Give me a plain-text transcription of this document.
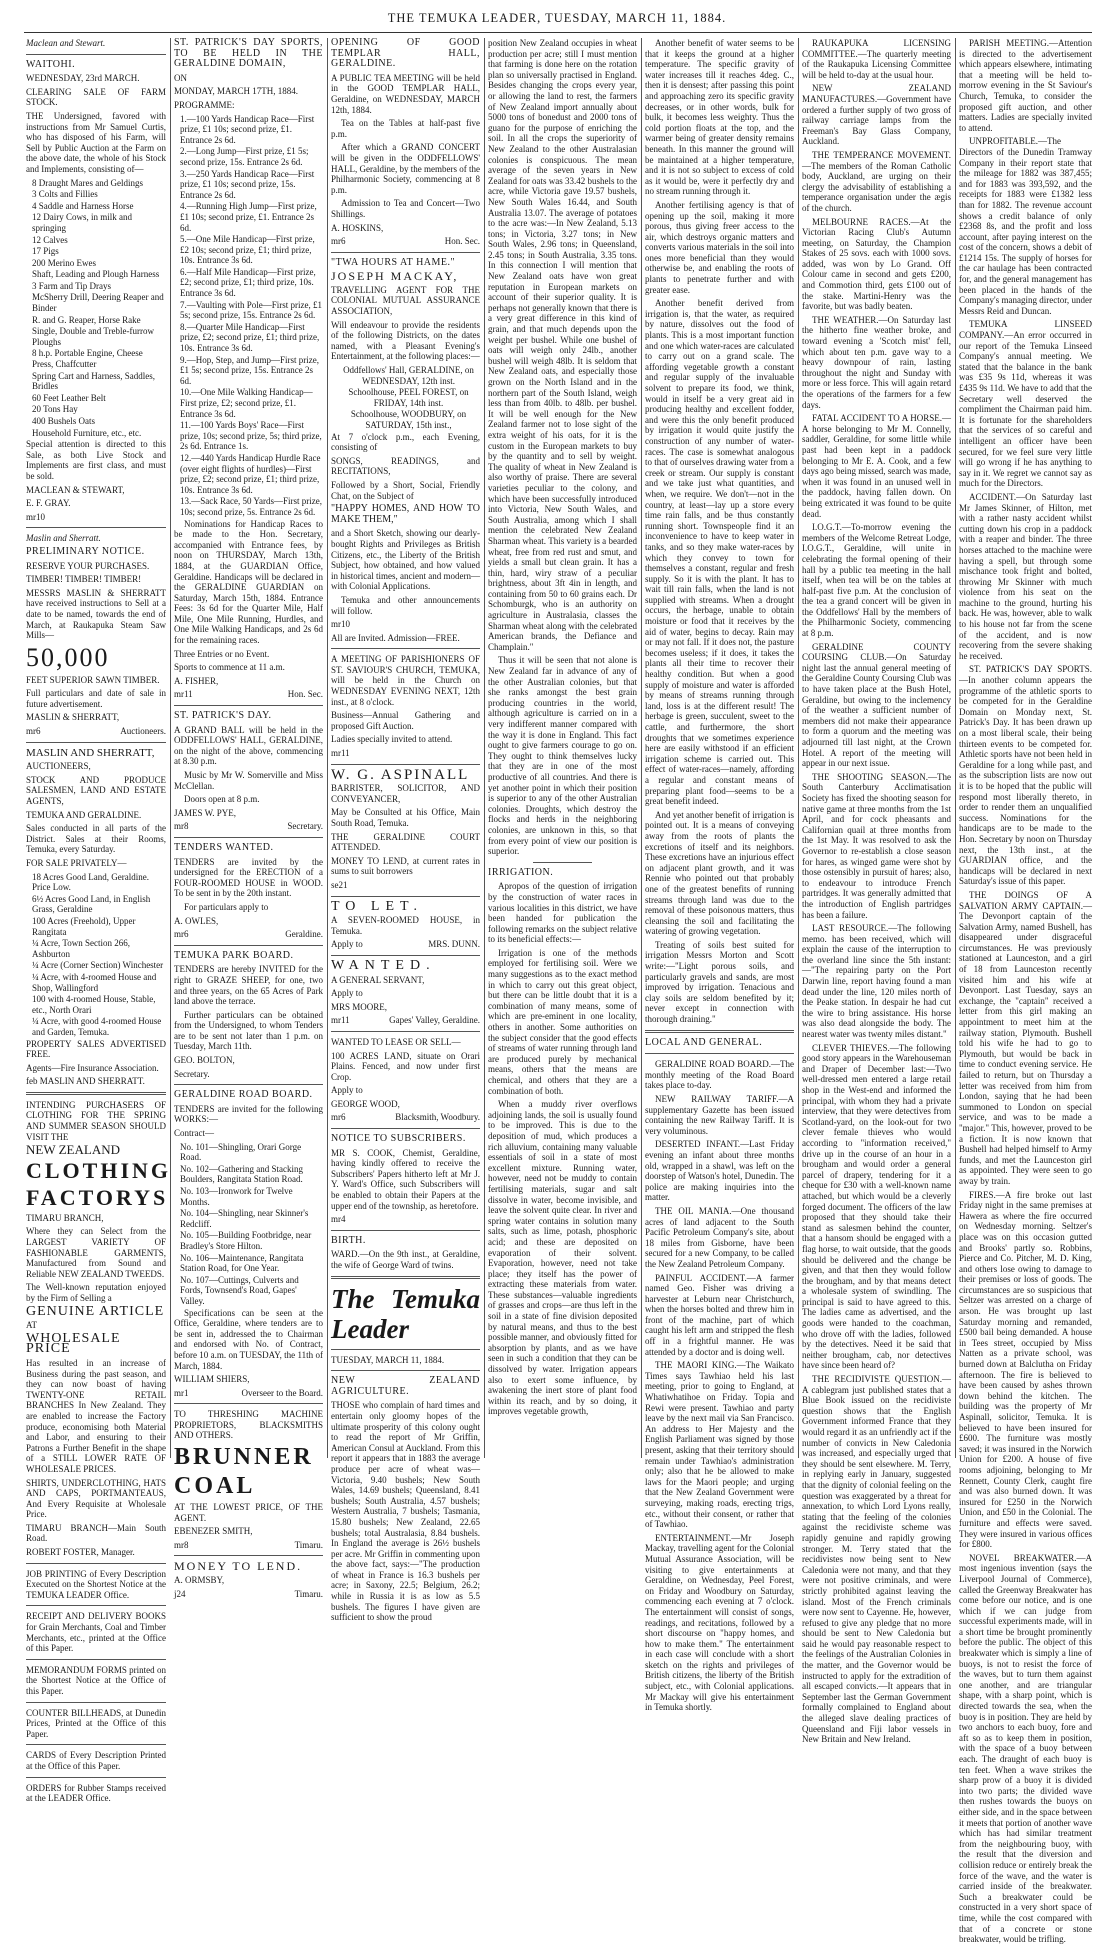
THE TEMUKA LEADER, TUESDAY, MARCH 11, 1884.

Maclean and Stewart.

WAITOHI.

WEDNESDAY, 23rd MARCH.

CLEARING SALE OF FARM STOCK.

THE Undersigned, favored with instructions from Mr Samuel Curtis, who has disposed of his Farm, will Sell by Public Auction at the Farm on the above date, the whole of his Stock and Implements, consisting of—

8 Draught Mares and Geldings
3 Colts and Fillies
4 Saddle and Harness Horse
12 Dairy Cows, in milk and springing
12 Calves
17 Pigs
200 Merino Ewes
Shaft, Leading and Plough Harness
3 Farm and Tip Drays
McSherry Drill, Deering Reaper and Binder
R. and G. Reaper, Horse Rake
Single, Double and Treble-furrow Ploughs
8 h.p. Portable Engine, Cheese Press, Chaffcutter
Spring Cart and Harness, Saddles, Bridles
60 Feet Leather Belt
20 Tons Hay
400 Bushels Oats
Household Furniture, etc., etc.

Special attention is directed to this Sale, as both Live Stock and Implements are first class, and must be sold.

MACLEAN & STEWART,

E. F. GRAY.

mr10

Maslin and Sherratt.

PRELIMINARY NOTICE.

RESERVE YOUR PURCHASES.

TIMBER! TIMBER! TIMBER!

MESSRS MASLIN & SHERRATT have received instructions to Sell at a date to be named, towards the end of March, at Raukapuka Steam Saw Mills—

50,000

FEET SUPERIOR SAWN TIMBER.

Full particulars and date of sale in future advertisement.

MASLIN & SHERRATT,

mr6	Auctioneers.

MASLIN AND SHERRATT,

AUCTIONEERS,

STOCK AND PRODUCE SALESMEN, LAND AND ESTATE AGENTS,

TEMUKA AND GERALDINE.

Sales conducted in all parts of the District. Sales at their Rooms, Temuka, every Saturday.

FOR SALE PRIVATELY—

18 Acres Good Land, Geraldine. Price Low.
6½ Acres Good Land, in English Grass, Geraldine
100 Acres (Freehold), Upper Rangitata
¼ Acre, Town Section 266, Ashburton
¼ Acre (Corner Section) Winchester
¼ Acre, with 4-roomed House and Shop, Wallingford
100 with 4-roomed House, Stable, etc., North Orari
¼ Acre, with good 4-roomed House and Garden, Temuka.

PROPERTY SALES ADVERTISED FREE.

Agents—Fire Insurance Association.

feb MASLIN AND SHERRATT.

INTENDING PURCHASERS OF CLOTHING FOR THE SPRING AND SUMMER SEASON SHOULD VISIT THE

NEW ZEALAND

CLOTHING

FACTORYS

TIMARU BRANCH,

Where they can Select from the LARGEST VARIETY OF FASHIONABLE GARMENTS, Manufactured from Sound and Reliable NEW ZEALAND TWEEDS.

The Well-known reputation enjoyed by the Firm of Selling a

GENUINE ARTICLE

AT

WHOLESALE PRICE

Has resulted in an increase of Business during the past season, and they can now boast of having TWENTY-ONE RETAIL BRANCHES In New Zealand. They are enabled to increase the Factory produce, economising both Material and Labor, and ensuring to their Patrons a Further Benefit in the shape of a STILL LOWER RATE OF WHOLESALE PRICES.

SHIRTS, UNDERCLOTHING, HATS AND CAPS, PORTMANTEAUS, And Every Requisite at Wholesale Price.

TIMARU BRANCH—Main South Road.

ROBERT FOSTER, Manager.

JOB PRINTING of Every Description Executed on the Shortest Notice at the TEMUKA LEADER Office.

RECEIPT AND DELIVERY BOOKS for Grain Merchants, Coal and Timber Merchants, etc., printed at the Office of this Paper.

MEMORANDUM FORMS printed on the Shortest Notice at the Office of this Paper.

COUNTER BILLHEADS, at Dunedin Prices, Printed at the Office of this Paper.

CARDS of Every Description Printed at the Office of this Paper.

ORDERS for Rubber Stamps received at the LEADER Office.

ST. PATRICK'S DAY SPORTS, TO BE HELD IN THE GERALDINE DOMAIN,

ON

MONDAY, MARCH 17TH, 1884.

PROGRAMME:

1.—100 Yards Handicap Race—First prize, £1 10s; second prize, £1. Entrance 2s 6d.
2.—Long Jump—First prize, £1 5s; second prize, 15s. Entrance 2s 6d.
3.—250 Yards Handicap Race—First prize, £1 10s; second prize, 15s. Entrance 2s 6d.
4.—Running High Jump—First prize, £1 10s; second prize, £1. Entrance 2s 6d.
5.—One Mile Handicap—First prize, £2 10s; second prize, £1; third prize, 10s. Entrance 3s 6d.
6.—Half Mile Handicap—First prize, £2; second prize, £1; third prize, 10s. Entrance 3s 6d.
7.—Vaulting with Pole—First prize, £1 5s; second prize, 15s. Entrance 2s 6d.
8.—Quarter Mile Handicap—First prize, £2; second prize, £1; third prize, 10s. Entrance 3s 6d.
9.—Hop, Step, and Jump—First prize, £1 5s; second prize, 15s. Entrance 2s 6d.
10.—One Mile Walking Handicap—First prize, £2; second prize, £1. Entrance 3s 6d.
11.—100 Yards Boys' Race—First prize, 10s; second prize, 5s; third prize, 2s 6d. Entrance 1s.
12.—440 Yards Handicap Hurdle Race (over eight flights of hurdles)—First prize, £2; second prize, £1; third prize, 10s. Entrance 3s 6d.
13.—Sack Race, 50 Yards—First prize, 10s; second prize, 5s. Entrance 2s 6d.

Nominations for Handicap Races to be made to the Hon. Secretary, accompanied with Entrance fees, by noon on THURSDAY, March 13th, 1884, at the GUARDIAN Office, Geraldine. Handicaps will be declared in the GERALDINE GUARDIAN on Saturday, March 15th, 1884. Entrance Fees: 3s 6d for the Quarter Mile, Half Mile, One Mile Running, Hurdles, and One Mile Walking Handicaps, and 2s 6d for the remaining races.

Three Entries or no Event.

Sports to commence at 11 a.m.

A. FISHER,

mr11	Hon. Sec.

ST. PATRICK'S DAY.

A GRAND BALL will be held in the ODDFELLOWS' HALL, GERALDINE, on the night of the above, commencing at 8.30 p.m.

Music by Mr W. Somerville and Miss McClellan.

Doors open at 8 p.m.

JAMES W. PYE,

mr8	Secretary.

TENDERS WANTED.

TENDERS are invited by the undersigned for the ERECTION of a FOUR-ROOMED HOUSE in WOOD. To be sent in by the 20th instant.

For particulars apply to

A. OWLES,

mr6	Geraldine.

TEMUKA PARK BOARD.

TENDERS are hereby INVITED for the right to GRAZE SHEEP, for one, two and three years, on the 65 Acres of Park land above the terrace.

Further particulars can be obtained from the Undersigned, to whom Tenders are to be sent not later than 1 p.m. on Tuesday, March 11th.

GEO. BOLTON,

Secretary.

GERALDINE ROAD BOARD.

TENDERS are invited for the following WORKS:—

Contract—

No. 101—Shingling, Orari Gorge Road.
No. 102—Gathering and Stacking Boulders, Rangitata Station Road.
No. 103—Ironwork for Twelve Months.
No. 104—Shingling, near Skinner's Redcliff.
No. 105—Building Footbridge, near Bradley's Store Hilton.
No. 106—Maintenance, Rangitata Station Road, for One Year.
No. 107—Cuttings, Culverts and Fords, Townsend's Road, Gapes' Valley.

Specifications can be seen at the Office, Geraldine, where tenders are to be sent in, addressed the to Chairman and endorsed with No. of Contract, before 10 a.m. on TUESDAY, the 11th of March, 1884.

WILLIAM SHIERS,

mr1	Overseer to the Board.

TO THRESHING MACHINE PROPRIETORS, BLACKSMITHS AND OTHERS.

BRUNNER

COAL

AT THE LOWEST PRICE, OF THE AGENT.

EBENEZER SMITH,

mr8	Timaru.

MONEY TO LEND.

A. ORMSBY,

j24	Timaru.

OPENING OF GOOD TEMPLAR HALL, GERALDINE.

A PUBLIC TEA MEETING will be held in the GOOD TEMPLAR HALL, Geraldine, on WEDNESDAY, MARCH 12th, 1884.

Tea on the Tables at half-past five p.m.

After which a GRAND CONCERT will be given in the ODDFELLOWS' HALL, Geraldine, by the members of the Philharmonic Society, commencing at 8 p.m.

Admission to Tea and Concert—Two Shillings.

A. HOSKINS,

mr6	Hon. Sec.

"TWA HOURS AT HAME."

JOSEPH MACKAY,

TRAVELLING AGENT FOR THE COLONIAL MUTUAL ASSURANCE ASSOCIATION,

Will endeavour to provide the residents of the following Districts, on the dates named, with a Pleasant Evening's Entertainment, at the following places:—

Oddfellows' Hall, GERALDINE, on WEDNESDAY, 12th inst.
Schoolhouse, PEEL FOREST, on FRIDAY, 14th inst.
Schoolhouse, WOODBURY, on SATURDAY, 15th inst.,

At 7 o'clock p.m., each Evening, consisting of

SONGS, READINGS, and RECITATIONS,

Followed by a Short, Social, Friendly Chat, on the Subject of

"HAPPY HOMES, AND HOW TO MAKE THEM,"

and a Short Sketch, showing our dearly-bought Rights and Privileges as British Citizens, etc., the Liberty of the British Subject, how obtained, and how valued in historical times, ancient and modern—with Colonial Applications.

Temuka and other announcements will follow.

mr10

All are Invited. Admission—FREE.

A MEETING OF PARISHIONERS OF ST. SAVIOUR'S CHURCH, TEMUKA, will be held in the Church on WEDNESDAY EVENING NEXT, 12th inst., at 8 o'clock.

Business—Annual Gathering and proposed Gift Auction.

Ladies specially invited to attend.

mr11

W. G. ASPINALL

BARRISTER, SOLICITOR, AND CONVEYANCER,

May be Consulted at his Office, Main South Road, Temuka.

THE GERALDINE COURT ATTENDED.

MONEY TO LEND, at current rates in sums to suit borrowers

se21

TO LET.

A SEVEN-ROOMED HOUSE, in Temuka.

Apply to	MRS. DUNN.

WANTED.

A GENERAL SERVANT,

Apply to

MRS MOORE,

mr11	Gapes' Valley, Geraldine.

WANTED TO LEASE OR SELL—

100 ACRES LAND, situate on Orari Plains. Fenced, and now under first Crop.

Apply to

GEORGE WOOD,

mr6	Blacksmith, Woodbury.

NOTICE TO SUBSCRIBERS.

MR S. COOK, Chemist, Geraldine, having kindly offered to receive the Subscribers' Papers hitherto left at Mr J. Y. Ward's Office, such Subscribers will be enabled to obtain their Papers at the upper end of the township, as heretofore.

mr4

BIRTH.

WARD.—On the 9th inst., at Geraldine, the wife of George Ward of twins.

The Temuka Leader

TUESDAY, MARCH 11, 1884.

NEW ZEALAND AGRICULTURE.

THOSE who complain of hard times and entertain only gloomy hopes of the ultimate prosperity of this colony ought to read the report of Mr Griffin, American Consul at Auckland. From this report it appears that in 1883 the average produce per acre of wheat was—Victoria, 9.40 bushels; New South Wales, 14.69 bushels; Queensland, 8.41 bushels; South Australia, 4.57 bushels; Western Australia, 7 bushels; Tasmania, 15.80 bushels; New Zealand, 22.65 bushels; total Australasia, 8.84 bushels. In England the average is 26½ bushels per acre. Mr Griffin in commenting upon the above fact, says:—"The production of wheat in France is 16.3 bushels per acre; in Saxony, 22.5; Belgium, 26.2; while in Russia it is as low as 5.5 bushels. The figures I have given are sufficient to show the proud

position New Zealand occupies in wheat production per acre; still I must mention that farming is done here on the rotation plan so universally practised in England. Besides changing the crops every year, or allowing the land to rest, the farmers of New Zealand import annually about 5000 tons of bonedust and 2000 tons of guano for the purpose of enriching the soil. In all the crops the superiority of New Zealand to the other Australasian colonies is conspicuous. The mean average of the seven years in New Zealand for oats was 33.42 bushels to the acre, while Victoria gave 19.57 bushels, New South Wales 16.44, and South Australia 13.07. The average of potatoes to the acre was:—In New Zealand, 5.13 tons; in Victoria, 3.27 tons; in New South Wales, 2.96 tons; in Queensland, 2.45 tons; in South Australia, 3.35 tons. In this connection I will mention that New Zealand oats have won great reputation in European markets on account of their superior quality. It is perhaps not generally known that there is a very great difference in this kind of grain, and that much depends upon the weight per bushel. While one bushel of oats will weigh only 24lb., another bushel will weigh 48lb. It is seldom that New Zealand oats, and especially those grown on the North Island and in the northern part of the South Island, weigh less than from 40lb. to 48lb. per bushel. It will be well enough for the New Zealand farmer not to lose sight of the extra weight of his oats, for it is the custom in the European markets to buy by the quantity and to sell by weight. The quality of wheat in New Zealand is also worthy of praise. There are several varieties peculiar to the colony, and which have been successfully introduced into Victoria, New South Wales, and South Australia, among which I shall mention the celebrated New Zealand Sharman wheat. This variety is a bearded wheat, free from red rust and smut, and yields a small but clean grain. It has a thin, hard, wiry straw of a peculiar brightness, about 3ft 4in in length, and containing from 50 to 60 grains each. Dr Schomburgk, who is an authority on agriculture in Australasia, classes the Sharman wheat along with the celebrated American brands, the Defiance and Champlain."

Thus it will be seen that not alone is New Zealand far in advance of any of the other Australian colonies, but that she ranks amongst the best grain producing countries in the world, although agriculture is carried on in a very indifferent manner compared with the way it is done in England. This fact ought to give farmers courage to go on. They ought to think themselves lucky that they are in one of the most productive of all countries. And there is yet another point in which their position is superior to any of the other Australian colonies. Droughts, which destroy the flocks and herds in the neighboring colonies, are unknown in this, so that from every point of view our position is superior.

IRRIGATION.

Apropos of the question of irrigation by the construction of water races in various localities in this district, we have been handed for publication the following remarks on the subject relative to its beneficial effects:—

Irrigation is one of the methods employed for fertilising soil. Were we many suggestions as to the exact method in which to carry out this great object, but there can be little doubt that it is a combination of many means, some of which are pre-eminent in one locality, others in another. Some authorities on the subject consider that the good effects of streams of water running through land are produced purely by mechanical means, others that the means are chemical, and others that they are a combination of both.

When a muddy river overflows adjoining lands, the soil is usually found to be improved. This is due to the deposition of mud, which produces a rich alluvium, containing many valuable essentials of soil in a state of most excellent mixture. Running water, however, need not be muddy to contain fertilising materials, sugar and salt dissolve in water, become invisible, and leave the solvent quite clear. In river and spring water contains in solution many salts, such as lime, potash, phosphoric acid; and these are deposited on evaporation of their solvent. Evaporation, however, need not take place; they itself has the power of extracting these materials from water. These substances—valuable ingredients of grasses and crops—are thus left in the soil in a state of fine division deposited by natural means, and thus to the best possible manner, and obviously fitted for absorption by plants, and as we have seen in such a condition that they can be dissolved by water. Irrigation appears also to exert some influence, by awakening the inert store of plant food within its reach, and by so doing, it improves vegetable growth,

Another benefit of water seems to be that it keeps the ground at a higher temperature. The specific gravity of water increases till it reaches 4deg. C., then it is densest; after passing this point and approaching zero its specific gravity decreases, or in other words, bulk for bulk, it becomes less weighty. Thus the cold portion floats at the top, and the warmer being of greater density remains beneath. In this manner the ground will be maintained at a higher temperature, and it is not so subject to excess of cold as it would be, were it perfectly dry and no stream running through it.

Another fertilising agency is that of opening up the soil, making it more porous, thus giving freer access to the air, which destroys organic matters and converts various materials in the soil into ones more beneficial than they would otherwise be, and enabling the roots of plants to penetrate further and with greater ease.

Another benefit derived from irrigation is, that the water, as required by nature, dissolves out the food of plants. This is a most important function and one which water-races are calculated to carry out on a grand scale. The affording vegetable growth a constant and regular supply of the invaluable solvent to prepare its food, we think, would in itself be a very great aid in producing healthy and excellent fodder, and were this the only benefit produced by irrigation it would quite justify the construction of any number of water-races. The case is somewhat analogous to that of ourselves drawing water from a creek or stream. Our supply is constant and we take just what quantities, and when, we require. We don't—not in the country, at least—lay up a store every time rain falls, and be thus constantly running short. Townspeople find it an inconvenience to have to keep water in tanks, and so they make water-races by which they convey to town for themselves a constant, regular and fresh supply. So it is with the plant. It has to wait till rain falls, when the land is not supplied with streams. When a drought occurs, the herbage, unable to obtain moisture or food that it receives by the aid of water, begins to decay. Rain may or may not fall. If it does not, the pasture becomes useless; if it does, it takes the plants all their time to recover their healthy condition. But when a good supply of moisture and water is afforded by means of streams running through land, loss is at the different result! The herbage is green, succulent, sweet to the cattle, and furthermore, the short droughts that we sometimes experience here are easily withstood if an efficient irrigation scheme is carried out. This effect of water-races—namely, affording a regular and constant means of preparing plant food—seems to be a great benefit indeed.

And yet another benefit of irrigation is pointed out. It is a means of conveying away from the roots of plants the excretions of itself and its neighbors. These excretions have an injurious effect on adjacent plant growth, and it was Rennie who pointed out that probably one of the greatest benefits of running streams through land was due to the removal of these poisonous matters, thus cleansing the soil and facilitating the watering of growing vegetation.

Treating of soils best suited for irrigation Messrs Morton and Scott write:—"Light porous soils, and particularly gravels and sands, are most improved by irrigation. Tenacious and clay soils are seldom benefited by it; never except in connection with thorough draining."

LOCAL AND GENERAL.

GERALDINE ROAD BOARD.—The monthly meeting of the Road Board takes place to-day.

NEW RAILWAY TARIFF.—A supplementary Gazette has been issued containing the new Railway Tariff. It is very voluminous.

DESERTED INFANT.—Last Friday evening an infant about three months old, wrapped in a shawl, was left on the doorstep of Watson's hotel, Dunedin. The police are making inquiries into the matter.

THE OIL MANIA.—One thousand acres of land adjacent to the South Pacific Petroleum Company's site, about 18 miles from Gisborne, have been secured for a new Company, to be called the New Zealand Petroleum Company.

PAINFUL ACCIDENT.—A farmer named Geo. Fisher was driving a harvester at Leburn near Christchurch, when the horses bolted and threw him in front of the machine, part of which caught his left arm and stripped the flesh off in a frightful manner. He was attended by a doctor and is doing well.

THE MAORI KING.—The Waikato Times says Tawhiao held his last meeting, prior to going to England, at Whatiwhatihoe on Friday. Topia and Rewi were present. Tawhiao and party leave by the next mail via San Francisco. An address to Her Majesty and the English Parliament was signed by those present, asking that their territory should remain under Tawhiao's administration only; also that he be allowed to make laws for the Maori people; and urging that the New Zealand Government were surveying, making roads, erecting trigs, etc., without their consent, or rather that of Tawhiao.

ENTERTAINMENT.—Mr Joseph Mackay, travelling agent for the Colonial Mutual Assurance Association, will be visiting to give entertainments at Geraldine, on Wednesday, Peel Forest, on Friday and Woodbury on Saturday, commencing each evening at 7 o'clock. The entertainment will consist of songs, readings, and recitations, followed by a short discourse on "happy homes, and how to make them." The entertainment in each case will conclude with a short sketch on the rights and privileges of British citizens, the liberty of the British subject, etc., with Colonial applications. Mr Mackay will give his entertainment in Temuka shortly.

RAUKAPUKA LICENSING COMMITTEE.—The quarterly meeting of the Raukapuka Licensing Committee will be held to-day at the usual hour.

NEW ZEALAND MANUFACTURES.—Government have ordered a further supply of two gross of railway carriage lamps from the Freeman's Bay Glass Company, Auckland.

THE TEMPERANCE MOVEMENT.—The members of the Roman Catholic body, Auckland, are urging on their clergy the advisability of establishing a temperance organisation under the ægis of the church.

MELBOURNE RACES.—At the Victorian Racing Club's Autumn meeting, on Saturday, the Champion Stakes of 25 sovs. each with 1000 sovs. added, was won by Lo Grand. Off Colour came in second and gets £200, and Commotion third, gets £100 out of the stake. Martini-Henry was the favorite, but was badly beaten.

THE WEATHER.—On Saturday last the hitherto fine weather broke, and toward evening a 'Scotch mist' fell, which about ten p.m. gave way to a heavy downpour of rain, lasting throughout the night and Sunday with more or less force. This will again retard the operations of the farmers for a few days.

FATAL ACCIDENT TO A HORSE.—A horse belonging to Mr M. Connelly, saddler, Geraldine, for some little while past had been kept in a paddock belonging to Mr E. A. Cook, and a few days ago being missed, search was made, when it was found in an unused well in the paddock, having fallen down. On being extricated it was found to be quite dead.

I.O.G.T.—To-morrow evening the members of the Welcome Retreat Lodge, I.O.G.T., Geraldine, will unite in celebrating the formal opening of their hall by a public tea meeting in the hall itself, when tea will be on the tables at half-past five p.m. At the conclusion of the tea a grand concert will be given in the Oddfellows' Hall by the members of the Philharmonic Society, commencing at 8 p.m.

GERALDINE COUNTY COURSING CLUB.—On Saturday night last the annual general meeting of the Geraldine County Coursing Club was to have taken place at the Bush Hotel, Geraldine, but owing to the inclemency of the weather a sufficient number of members did not make their appearance to form a quorum and the meeting was adjourned till last night, at the Crown Hotel. A report of the meeting will appear in our next issue.

THE SHOOTING SEASON.—The South Canterbury Acclimatisation Society has fixed the shooting season for native game at three months from the 1st April, and for cock pheasants and Californian quail at three months from the 1st May. It was resolved to ask the Governor to re-establish a close season for hares, as winged game were shot by those ostensibly in pursuit of hares; also, to endeavour to introduce French partridges. It was generally admitted that the introduction of English partridges has been a failure.

LAST RESOURCE.—The following memo. has been received, which will explain the cause of the interruption to the overland line since the 5th instant:—"The repairing party on the Port Darwin line, report having found a man dead under the line, 120 miles north of the Peake station. In despair he had cut the wire to bring assistance. His horse was also dead alongside the body. The nearest water was twenty miles distant."

CLEVER THIEVES.—The following good story appears in the Warehouseman and Draper of December last:—Two well-dressed men entered a large retail shop in the West-end and informed the principal, with whom they had a private interview, that they were detectives from Scotland-yard, on the look-out for two clever female thieves who would according to "information received," drive up in the course of an hour in a brougham and would order a general parcel of drapery, tendering for it a cheque for £30 with a well-known name attached, but which would be a cleverly forged document. The officers of the law proposed that they should take their stand as salesmen behind the counter, that a hansom should be engaged with a flag horse, to wait outside, that the goods should be delivered and the change be given, and that then they would follow the brougham, and by that means detect a wholesale system of swindling. The principal is said to have agreed to this. The ladies came as advertised, and the goods were handed to the coachman, who drove off with the ladies, followed by the detectives. Need it be said that neither brougham, cab, nor detectives have since been heard of?

THE RECIDIVISTE QUESTION.—A cablegram just published states that a Blue Book issued on the recidiviste question shows that the English Government informed France that they would regard it as an unfriendly act if the number of convicts in New Caledonia was increased, and especially urged that they should be sent elsewhere. M. Terry, in replying early in January, suggested that the dignity of colonial feeling on the question was exaggerated by a threat for annexation, to which Lord Lyons really, stating that the feeling of the colonies against the recidiviste scheme was rapidly genuine and rapidly growing stronger. M. Terry stated that the recidivistes now being sent to New Caledonia were not many, and that they were not positive criminals, and were strictly prohibited against leaving the island. Most of the French criminals were now sent to Cayenne. He, however, refused to give any pledge that no more should be sent to New Caledonia but said he would pay reasonable respect to the feelings of the Australian Colonies in the matter, and the Governor would be instructed to apply for the extradition of all escaped convicts.—It appears that in September last the German Government formally complained to England about the alleged slave dealing practices of Queensland and Fiji labor vessels in New Britain and New Ireland.

PARISH MEETING.—Attention is directed to the advertisement which appears elsewhere, intimating that a meeting will be held to-morrow evening in the St Saviour's Church, Temuka, to consider the proposed gift auction, and other matters. Ladies are specially invited to attend.

UNPROFITABLE.—The Directors of the Dunedin Tramway Company in their report state that the mileage for 1882 was 387,455; and for 1883 was 393,592, and the receipts for 1883 were £1382 less than for 1882. The revenue account shows a credit balance of only £2368 8s, and the profit and loss account, after paying interest on the cost of the concern, shows a debit of £1214 15s. The supply of horses for the car haulage has been contracted for, and the general management has been placed in the hands of the Company's managing director, under Messrs Reid and Duncan.

TEMUKA LINSEED COMPANY.—An error occurred in our report of the Temuka Linseed Company's annual meeting. We stated that the balance in the bank was £35 9s 11d, whereas it was £435 9s 11d. We have to add that the Secretary well deserved the compliment the Chairman paid him. It is fortunate for the shareholders that the services of so careful and intelligent an officer have been secured, for we feel sure very little will go wrong if he has anything to say in it. We regret we cannot say as much for the Directors.

ACCIDENT.—On Saturday last Mr James Skinner, of Hilton, met with a rather nasty accident whilst cutting down his crop in a paddock with a reaper and binder. The three horses attached to the machine were having a spell, but through some mischance took fright and bolted, throwing Mr Skinner with much violence from his seat on the machine to the ground, hurting his back. He was, however, able to walk to his house not far from the scene of the accident, and is now recovering from the severe shaking he received.

ST. PATRICK'S DAY SPORTS.—In another column appears the programme of the athletic sports to be competed for in the Geraldine Domain on Monday next, St. Patrick's Day. It has been drawn up on a most liberal scale, their being thirteen events to be competed for. Athletic sports have not been held in Geraldine for a long while past, and as the subscription lists are now out it is to be hoped that the public will respond most liberally thereto, in order to render them an unqualified success. Nominations for the handicaps are to be made to the Hon. Secretary by noon on Thursday next, the 13th inst., at the GUARDIAN office, and the handicaps will be declared in next Saturday's issue of this paper.

THE DOINGS OF A SALVATION ARMY CAPTAIN.—The Devonport captain of the Salvation Army, named Bushell, has disappeared under disgraceful circumstances. He was previously stationed at Launceston, and a girl of 18 from Launceston recently visited him and his wife at Devonport. Last Tuesday, says an exchange, the "captain" received a letter from this girl making an appointment to meet him at the railway station, Plymouth. Bushell told his wife he had to go to Plymouth, but would be back in time to conduct evening service. He failed to return, but on Thursday a letter was received from him from London, saying that he had been summoned to London on special service, and was to be made a "major." This, however, proved to be a fiction. It is now known that Bushell had helped himself to Army funds, and met the Launceston girl as appointed. They were seen to go away by train.

FIRES.—A fire broke out last Friday night in the same premises at Hawera as where the fire occurred on Wednesday morning. Seltzer's place was on this occasion gutted and Brooks' partly so. Robbins, Pierce and Co. Pitcher, M. D. King, and others lose owing to damage to their premises or loss of goods. The circumstances are so suspicious that Seltzer was arrested on a charge of arson. He was brought up last Saturday morning and remanded, £500 bail being demanded. A house in Tees street, occupied by Miss Natten as a private school, was burned down at Balclutha on Friday afternoon. The fire is believed to have been caused by ashes thrown down behind the kitchen. The building was the property of Mr Aspinall, solicitor, Temuka. It is believed to have been insured for £600. The furniture was mostly saved; it was insured in the Norwich Union for £200. A house of five rooms adjoining, belonging to Mr Rennett, County Clerk, caught fire and was also burned down. It was insured for £250 in the Norwich Union, and £50 in the Colonial. The furniture and effects were saved. They were insured in various offices for £800.

NOVEL BREAKWATER.—A most ingenious invention (says the Liverpool Journal of Commerce), called the Greenway Breakwater has come before our notice, and is one which if we can judge from successful experiments made, will in a short time be brought prominently before the public. The object of this breakwater which is simply a line of buoys, is not to resist the force of the waves, but to turn them against one another, and are triangular shape, with a sharp point, which is directed towards the sea, when the buoy is in position. They are held by two anchors to each buoy, fore and aft so as to keep them in position, with the space of a buoy between each. The draught of each buoy is ten feet. When a wave strikes the sharp prow of a buoy it is divided into two parts; the divided wave then rushes towards the buoys on either side, and in the space between it meets that portion of another wave which has had similar treatment from the neighbouring buoy, with the result that the diversion and collision reduce or entirely break the force of the wave, and the water is carried inside of the breakwater. Such a breakwater could be constructed in a very short space of time, while the cost compared with that of a concrete or stone breakwater, would be trifling.
